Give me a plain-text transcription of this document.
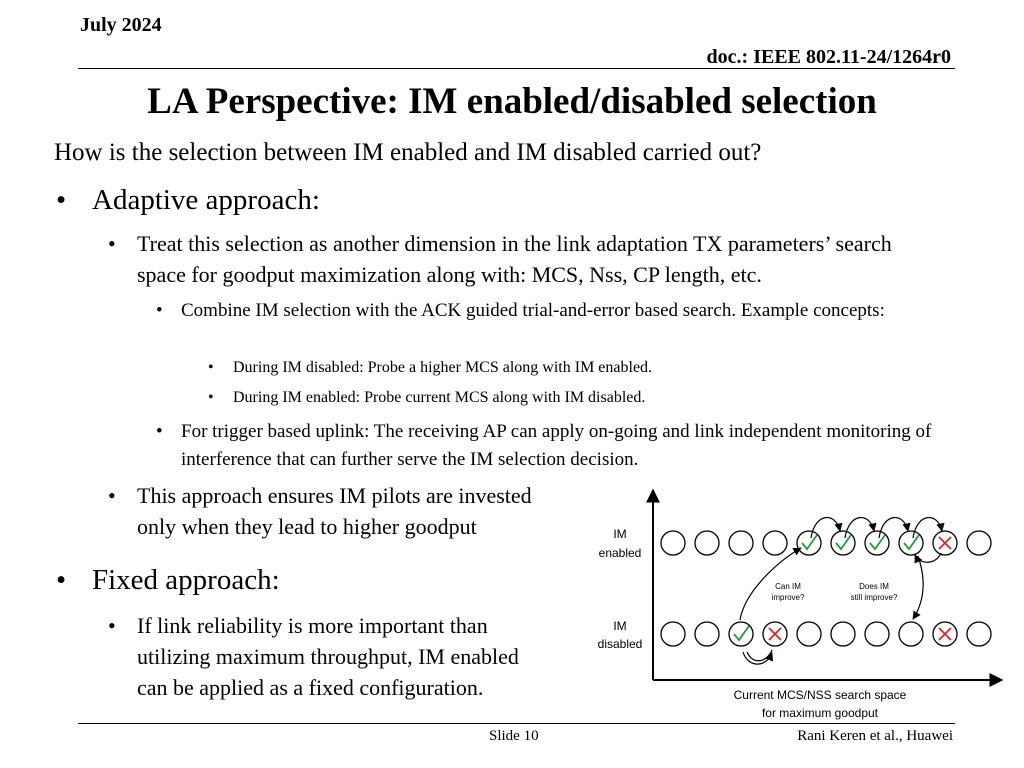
July 2024
doc.: IEEE 802.11-24/1264r0
LA Perspective: IM enabled/disabled selection
How is the selection between IM enabled and IM disabled carried out?
• Adaptive approach:
• Treat this selection as another dimension in the link adaptation TX parameters’ search space for goodput maximization along with: MCS, Nss, CP length, etc.
• Combine IM selection with the ACK guided trial-and-error based search. Example concepts:
• During IM disabled: Probe a higher MCS along with IM enabled.
• During IM enabled: Probe current MCS along with IM disabled.
• For trigger based uplink: The receiving AP can apply on-going and link independent monitoring of interference that can further serve the IM selection decision.
• This approach ensures IM pilots are invested
only when they lead to higher goodput
• Fixed approach:
• If link reliability is more important than
utilizing maximum throughput, IM enabled
can be applied as a fixed configuration.
IM
enabled
IM
disabled
Can IM
improve?
Does IM
still improve?
Current MCS/NSS search space
for maximum goodput
Slide 10	Rani Keren et al., Huawei
